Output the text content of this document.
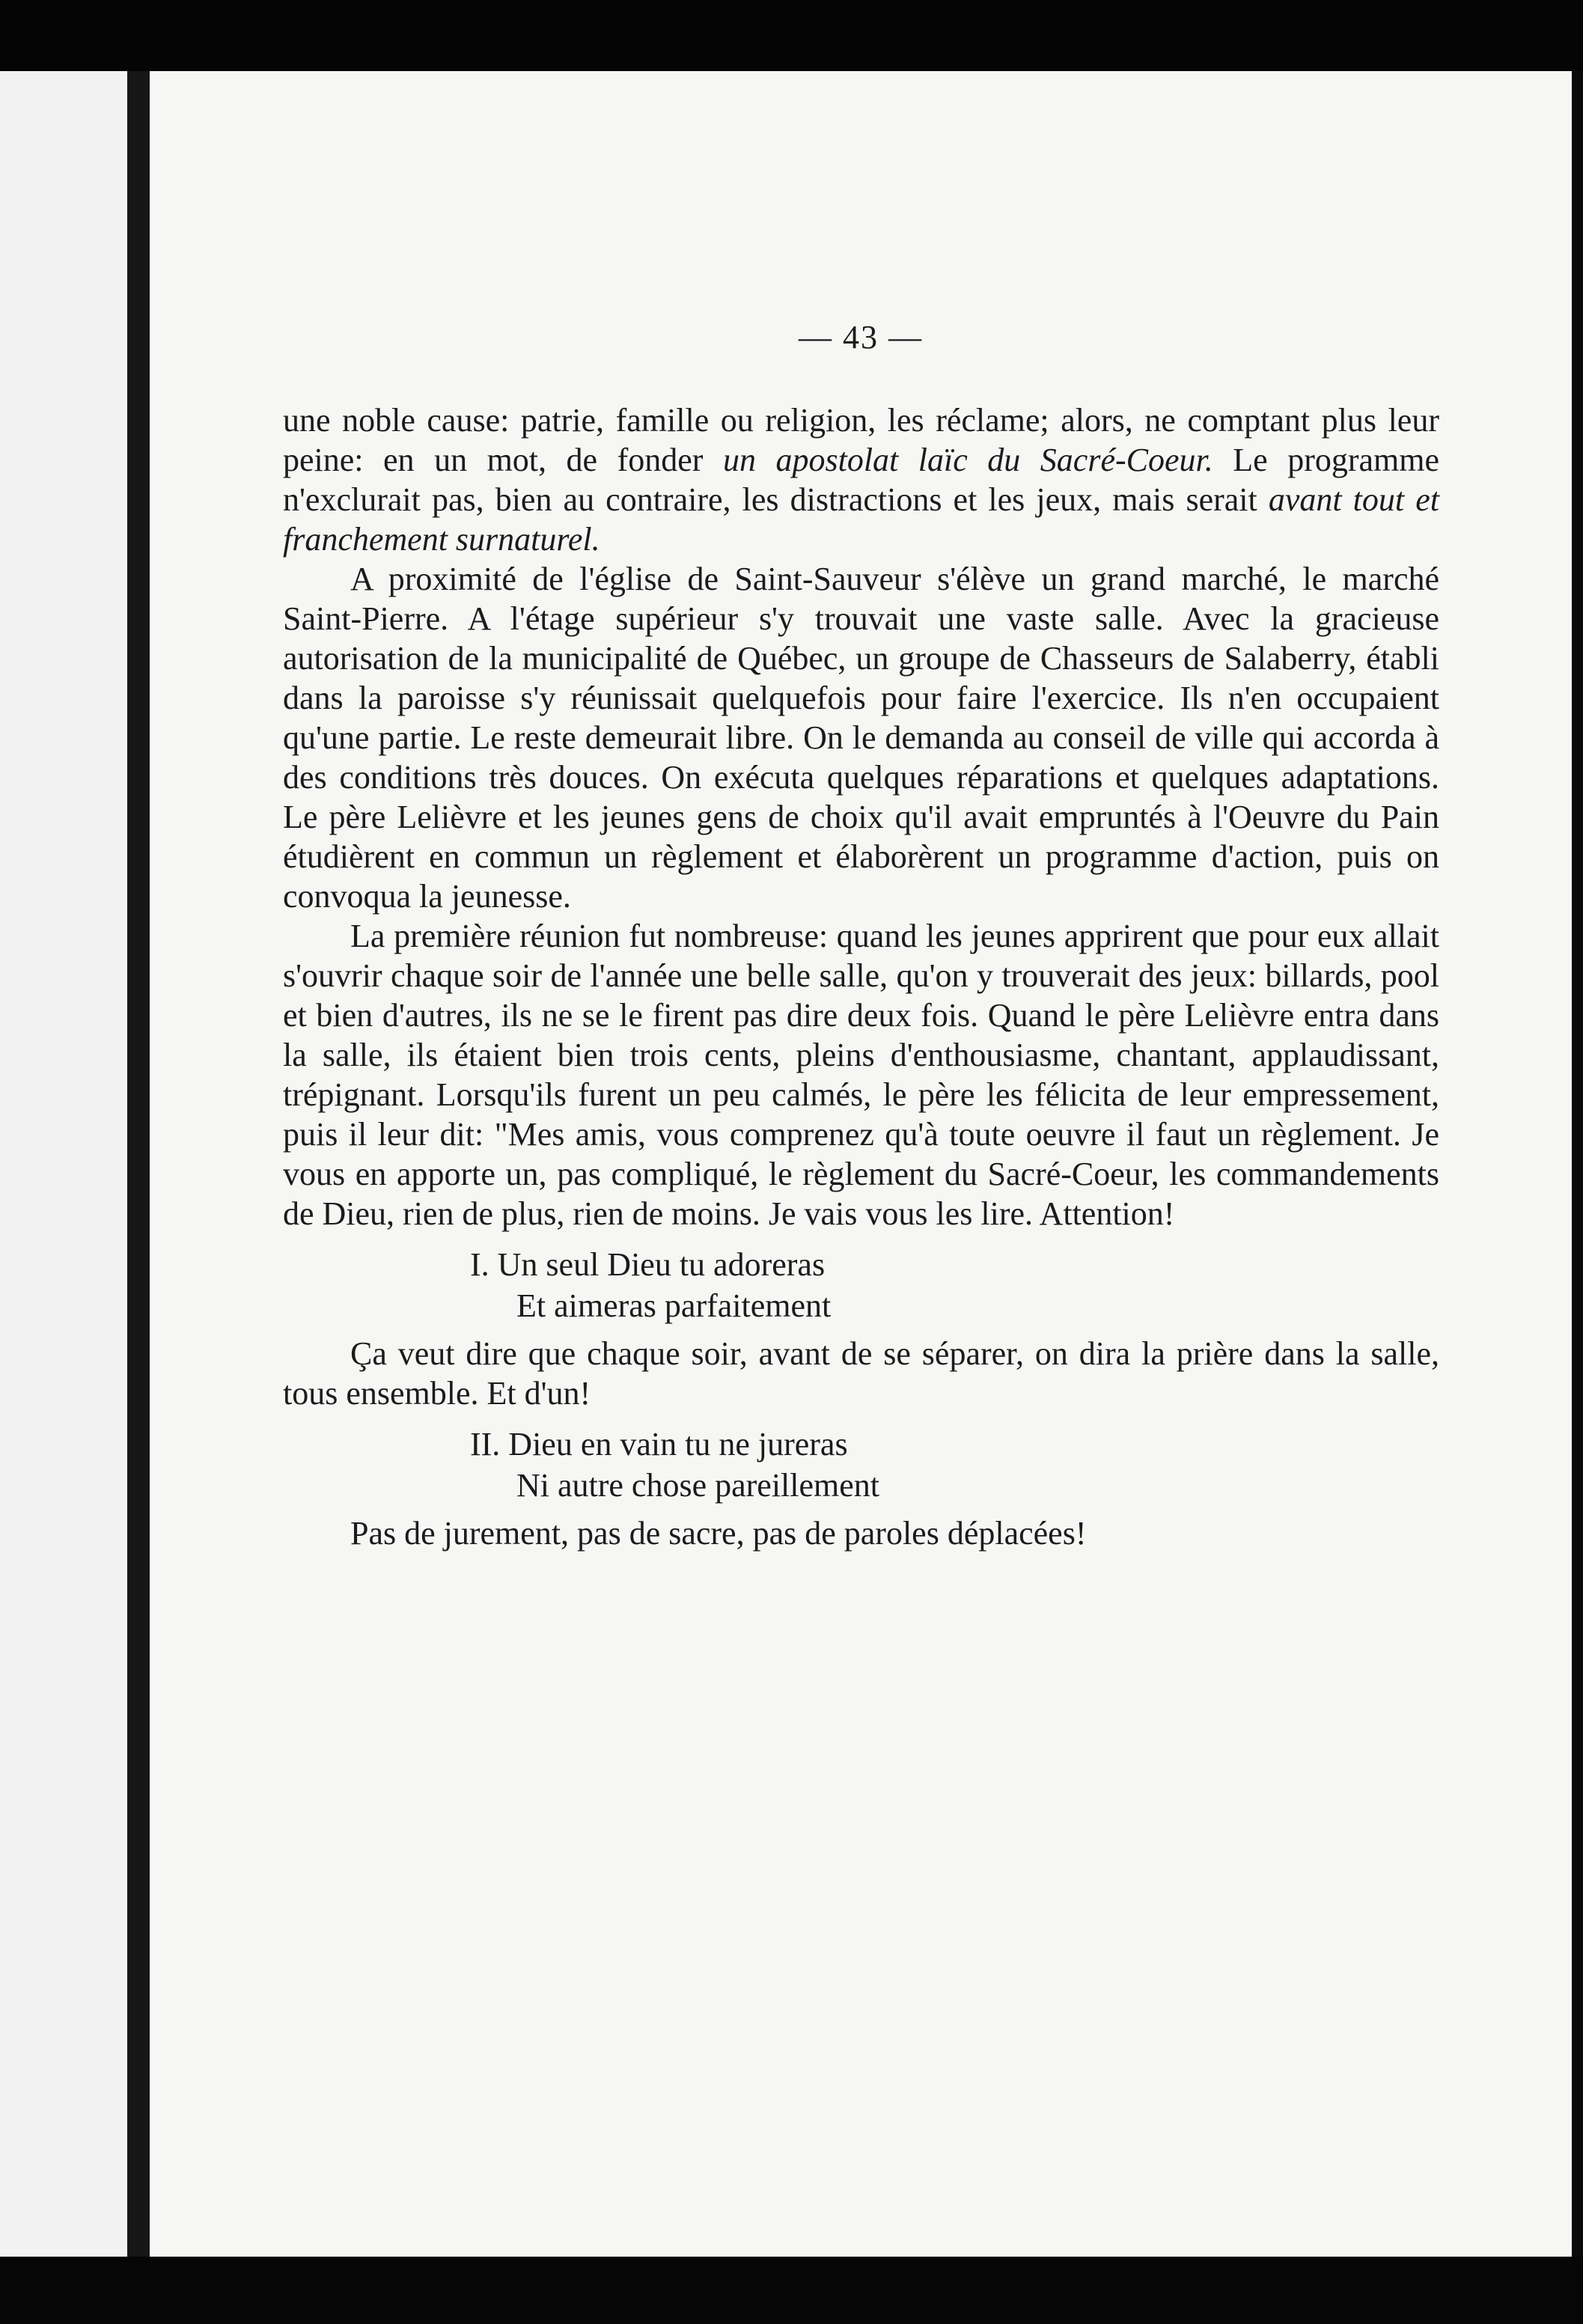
— 43 —

une noble cause: patrie, famille ou religion, les réclame; alors, ne comptant plus leur peine: en un mot, de fonder un apostolat laïc du Sacré-Coeur. Le programme n'exclurait pas, bien au contraire, les distractions et les jeux, mais serait avant tout et franchement surnaturel.

A proximité de l'église de Saint-Sauveur s'élève un grand marché, le marché Saint-Pierre. A l'étage supérieur s'y trouvait une vaste salle. Avec la gracieuse autorisation de la municipalité de Québec, un groupe de Chasseurs de Salaberry, établi dans la paroisse s'y réunissait quelquefois pour faire l'exercice. Ils n'en occupaient qu'une partie. Le reste demeurait libre. On le demanda au conseil de ville qui accorda à des conditions très douces. On exécuta quelques réparations et quelques adaptations. Le père Lelièvre et les jeunes gens de choix qu'il avait empruntés à l'Oeuvre du Pain étudièrent en commun un règlement et élaborèrent un programme d'action, puis on convoqua la jeunesse.

La première réunion fut nombreuse: quand les jeunes apprirent que pour eux allait s'ouvrir chaque soir de l'année une belle salle, qu'on y trouverait des jeux: billards, pool et bien d'autres, ils ne se le firent pas dire deux fois. Quand le père Lelièvre entra dans la salle, ils étaient bien trois cents, pleins d'enthousiasme, chantant, applaudissant, trépignant. Lorsqu'ils furent un peu calmés, le père les félicita de leur empressement, puis il leur dit: "Mes amis, vous comprenez qu'à toute oeuvre il faut un règlement. Je vous en apporte un, pas compliqué, le règlement du Sacré-Coeur, les commandements de Dieu, rien de plus, rien de moins. Je vais vous les lire. Attention!

I. Un seul Dieu tu adoreras
Et aimeras parfaitement

Ça veut dire que chaque soir, avant de se séparer, on dira la prière dans la salle, tous ensemble. Et d'un!

II. Dieu en vain tu ne jureras
Ni autre chose pareillement

Pas de jurement, pas de sacre, pas de paroles déplacées!
